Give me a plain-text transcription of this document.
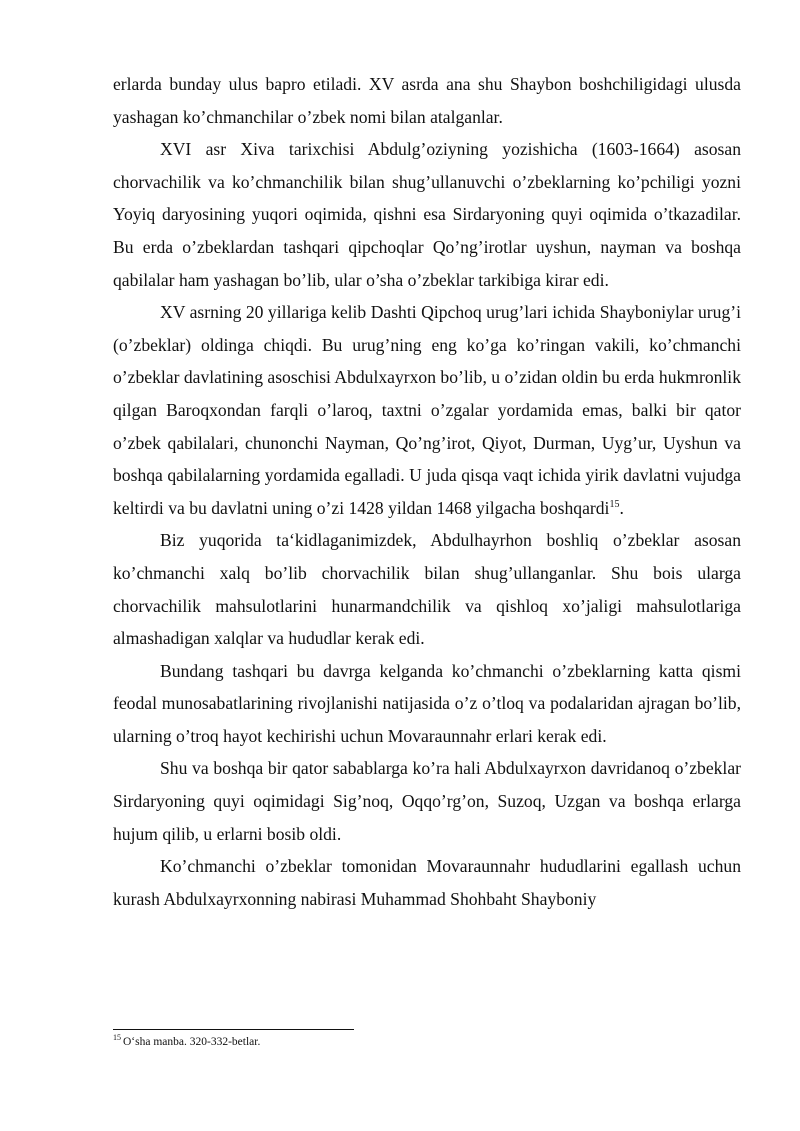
erlarda bunday ulus bapro etiladi. XV asrda ana shu Shaybon boshchiligidagi ulusda yashagan ko’chmanchilar o’zbek nomi bilan atalganlar.

XVI asr Xiva tarixchisi Abdulg’oziyning yozishicha (1603-1664) asosan chorvachilik va ko’chmanchilik bilan shug’ullanuvchi o’zbeklarning ko’pchiligi yozni Yoyiq daryosining yuqori oqimida, qishni esa Sirdaryoning quyi oqimida o’tkazadilar. Bu erda o’zbeklardan tashqari qipchoqlar Qo’ng’irotlar uyshun, nayman va boshqa qabilalar ham yashagan bo’lib, ular o’sha o’zbeklar tarkibiga kirar edi.

XV asrning 20 yillariga kelib Dashti Qipchoq urug’lari ichida Shayboniylar urug’i (o’zbeklar) oldinga chiqdi. Bu urug’ning eng ko’ga ko’ringan vakili, ko’chmanchi o’zbeklar davlatining asoschisi Abdulxayrxon bo’lib, u o’zidan oldin bu erda hukmronlik qilgan Baroqxondan farqli o’laroq, taxtni o’zgalar yordamida emas, balki bir qator o’zbek qabilalari, chunonchi Nayman, Qo’ng’irot, Qiyot, Durman, Uyg’ur, Uyshun va boshqa qabilalarning yordamida egalladi. U juda qisqa vaqt ichida yirik davlatni vujudga keltirdi va bu davlatni uning o’zi 1428 yildan 1468 yilgacha boshqardi$^{15}$.

Biz yuqorida ta‘kidlaganimizdek, Abdulhayrhon boshliq o’zbeklar asosan ko’chmanchi xalq bo’lib chorvachilik bilan shug’ullanganlar. Shu bois ularga chorvachilik mahsulotlarini hunarmandchilik va qishloq xo’jaligi mahsulotlariga almashadigan xalqlar va hududlar kerak edi.

Bundang tashqari bu davrga kelganda ko’chmanchi o’zbeklarning katta qismi feodal munosabatlarining rivojlanishi natijasida o’z o’tloq va podalaridan ajragan bo’lib, ularning o’troq hayot kechirishi uchun Movaraunnahr erlari kerak edi.

Shu va boshqa bir qator sabablarga ko’ra hali Abdulxayrxon davridanoq o’zbeklar Sirdaryoning quyi oqimidagi Sig’noq, Oqqo’rg’on, Suzoq, Uzgan va boshqa erlarga hujum qilib, u erlarni bosib oldi.

Ko’chmanchi o’zbeklar tomonidan Movaraunnahr hududlarini egallash uchun kurash Abdulxayrxonning nabirasi Muhammad Shohbaht Shayboniy

$^{15}$ O‘sha manba. 320-332-betlar.
